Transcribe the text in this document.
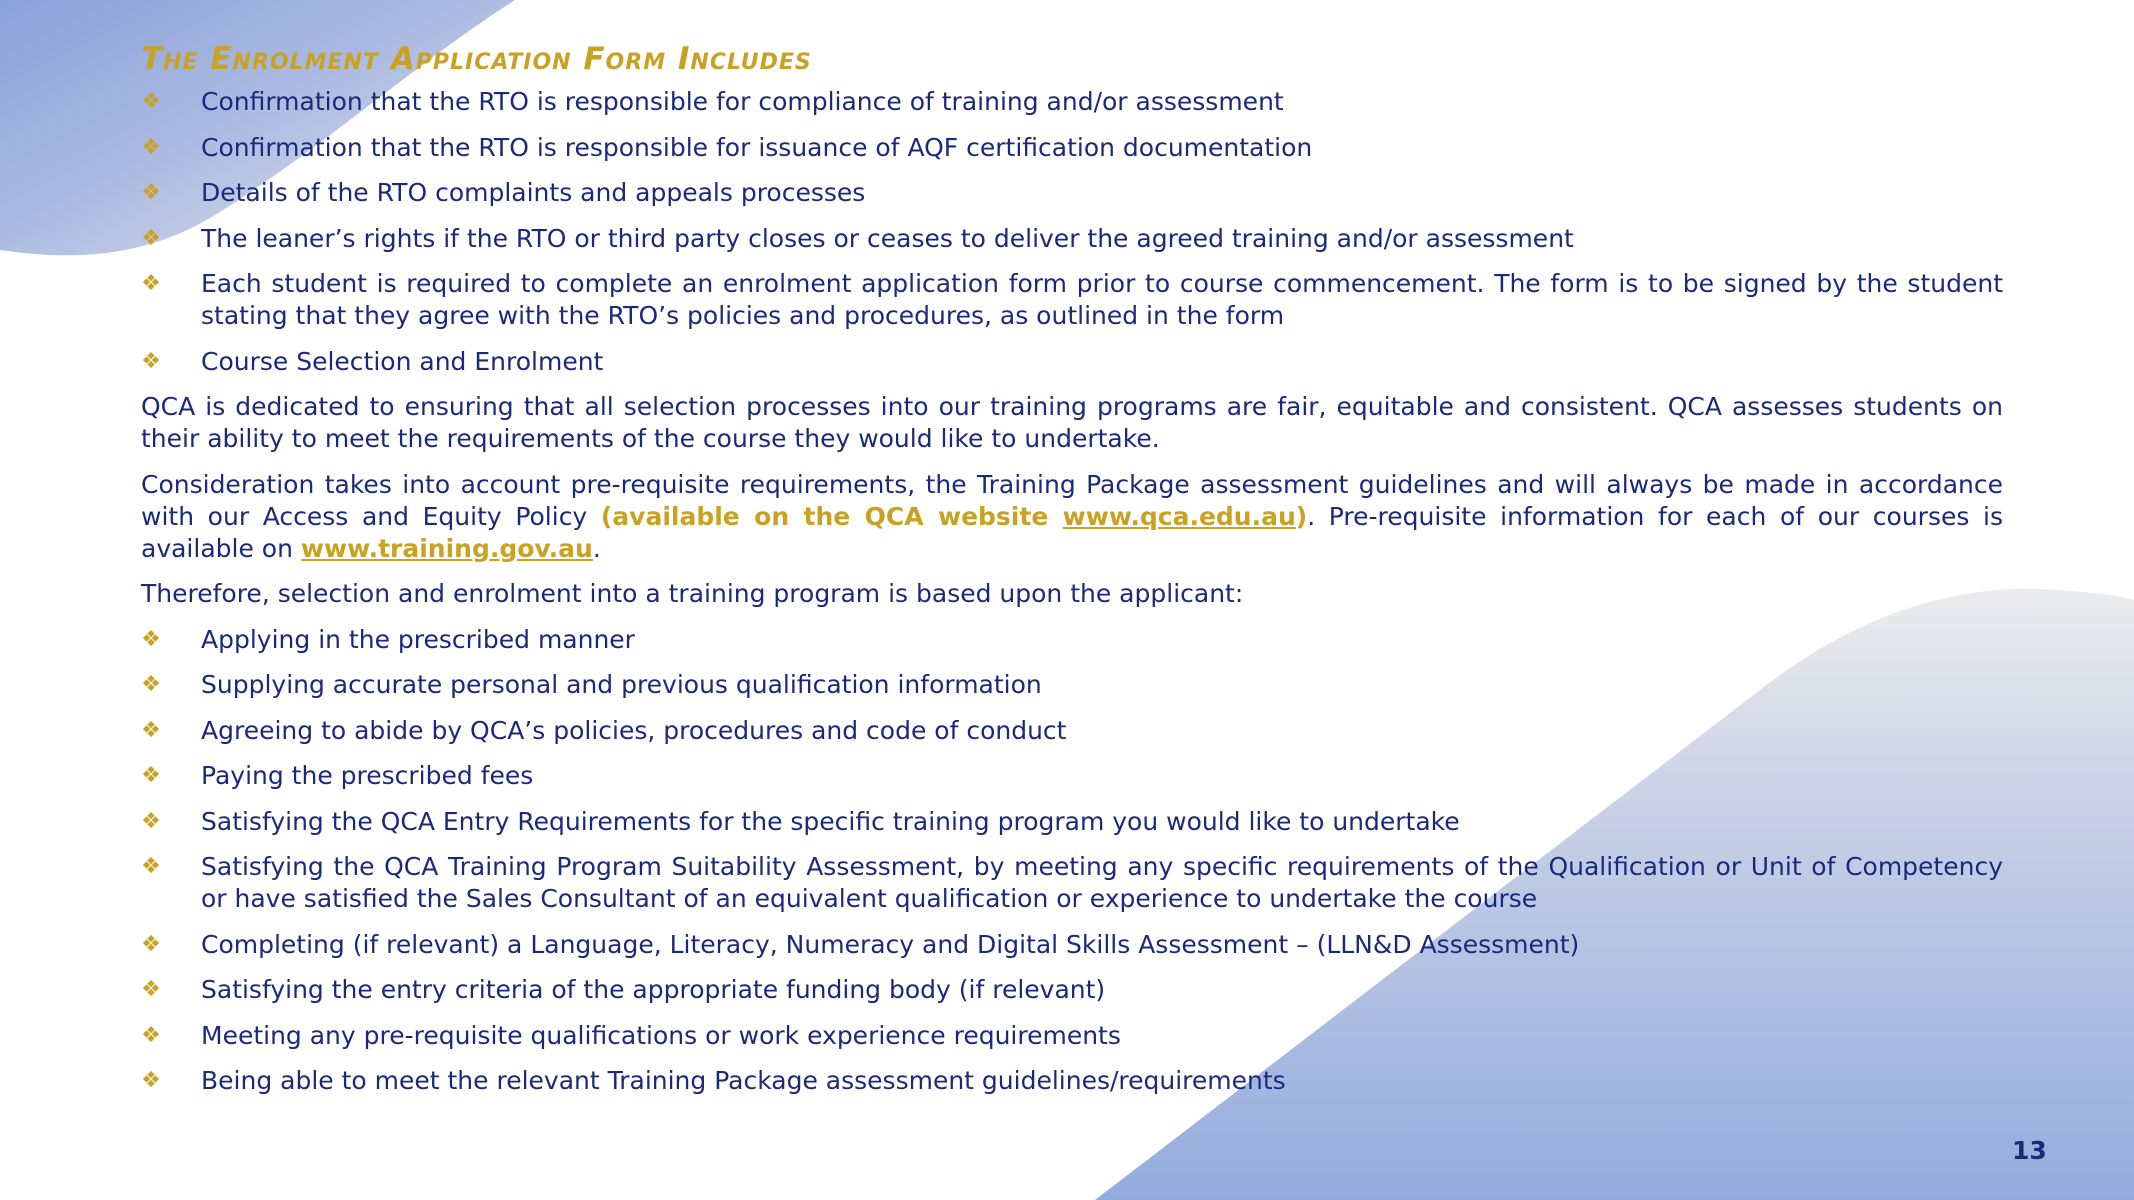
The Enrolment Application Form Includes
❖ Confirmation that the RTO is responsible for compliance of training and/or assessment
❖ Confirmation that the RTO is responsible for issuance of AQF certification documentation
❖ Details of the RTO complaints and appeals processes
❖ The leaner’s rights if the RTO or third party closes or ceases to deliver the agreed training and/or assessment
❖ Each student is required to complete an enrolment application form prior to course commencement. The form is to be signed by the student stating that they agree with the RTO’s policies and procedures, as outlined in the form
❖ Course Selection and Enrolment

QCA is dedicated to ensuring that all selection processes into our training programs are fair, equitable and consistent. QCA assesses students on their ability to meet the requirements of the course they would like to undertake.

Consideration takes into account pre-requisite requirements, the Training Package assessment guidelines and will always be made in accordance with our Access and Equity Policy (available on the QCA website www.qca.edu.au). Pre-requisite information for each of our courses is available on www.training.gov.au.

Therefore, selection and enrolment into a training program is based upon the applicant:

❖ Applying in the prescribed manner
❖ Supplying accurate personal and previous qualification information
❖ Agreeing to abide by QCA’s policies, procedures and code of conduct
❖ Paying the prescribed fees
❖ Satisfying the QCA Entry Requirements for the specific training program you would like to undertake
❖ Satisfying the QCA Training Program Suitability Assessment, by meeting any specific requirements of the Qualification or Unit of Competency or have satisfied the Sales Consultant of an equivalent qualification or experience to undertake the course
❖ Completing (if relevant) a Language, Literacy, Numeracy and Digital Skills Assessment – (LLN&D Assessment)
❖ Satisfying the entry criteria of the appropriate funding body (if relevant)
❖ Meeting any pre-requisite qualifications or work experience requirements
❖ Being able to meet the relevant Training Package assessment guidelines/requirements
13
